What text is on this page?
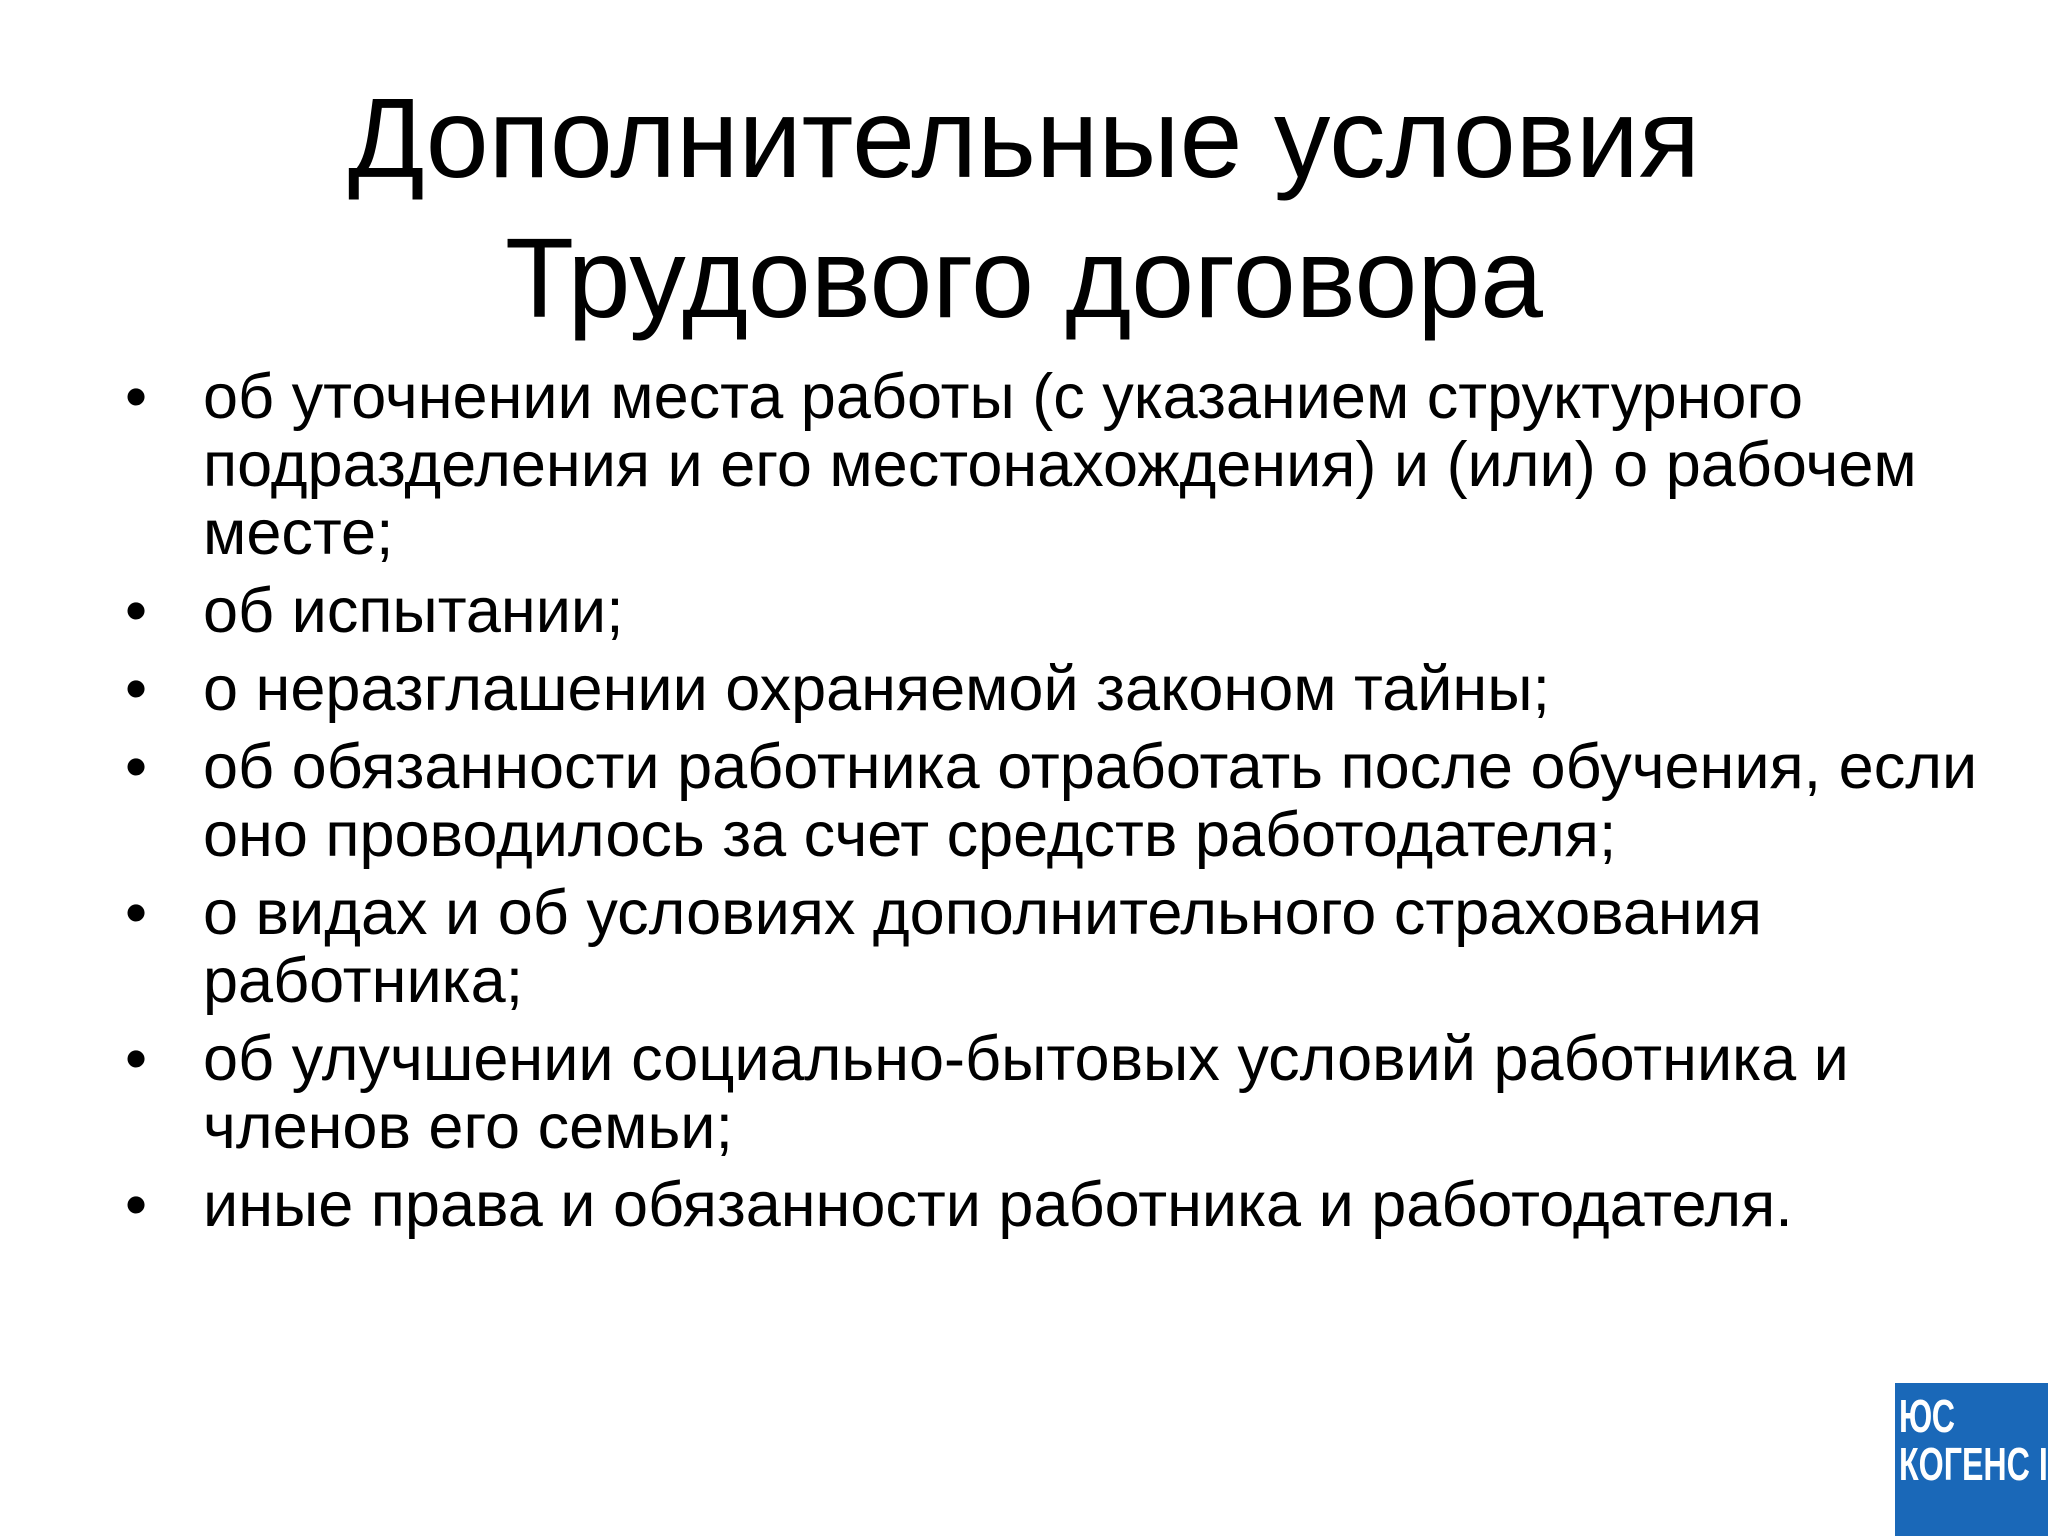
Дополнительные условия
Трудового договора
• об уточнении места работы (с указанием структурного подразделения и его местонахождения) и (или) о рабочем месте;
• об испытании;
• о неразглашении охраняемой законом тайны;
• об обязанности работника отработать после обучения, если оно проводилось за счет средств работодателя;
• о видах и об условиях дополнительного страхования работника;
• об улучшении социально-бытовых условий работника и членов его семьи;
• иные права и обязанности работника и работодателя.
ЮС
КОГЕНС I
